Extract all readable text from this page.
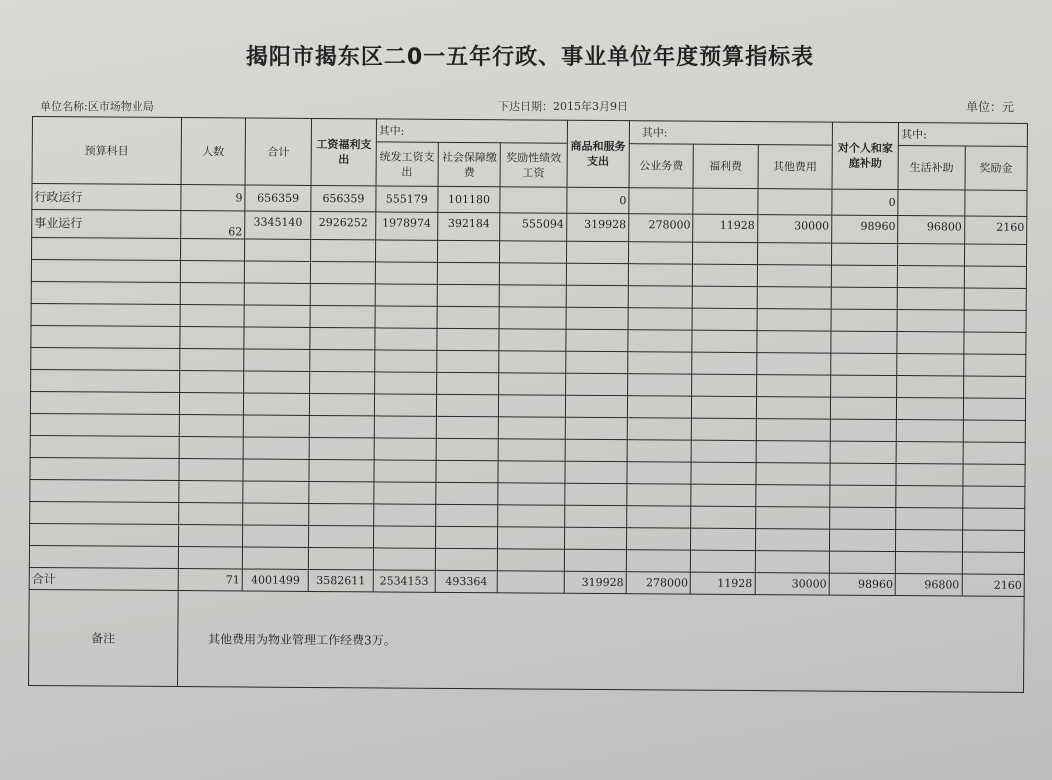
揭阳市揭东区二0一五年行政、事业单位年度预算指标表
单位名称:区市场物业局	下达日期：2015年3月9日	单位：元
预算科目	人数	合计	工资福利支出	其中:			商品和服务支出	其中:			对个人和家庭补助	其中:	
				统发工资支出	社会保障缴费	奖励性绩效工资		公业务费	福利费	其他费用		生活补助	奖励金
行政运行	9	656359	656359	555179	101180		0				0		
事业运行	62	3345140	2926252	1978974	392184	555094	319928	278000	11928	30000	98960	96800	2160

合计	71	4001499	3582611	2534153	493364		319928	278000	11928	30000	98960	96800	2160
备注	其他费用为物业管理工作经费3万。												
